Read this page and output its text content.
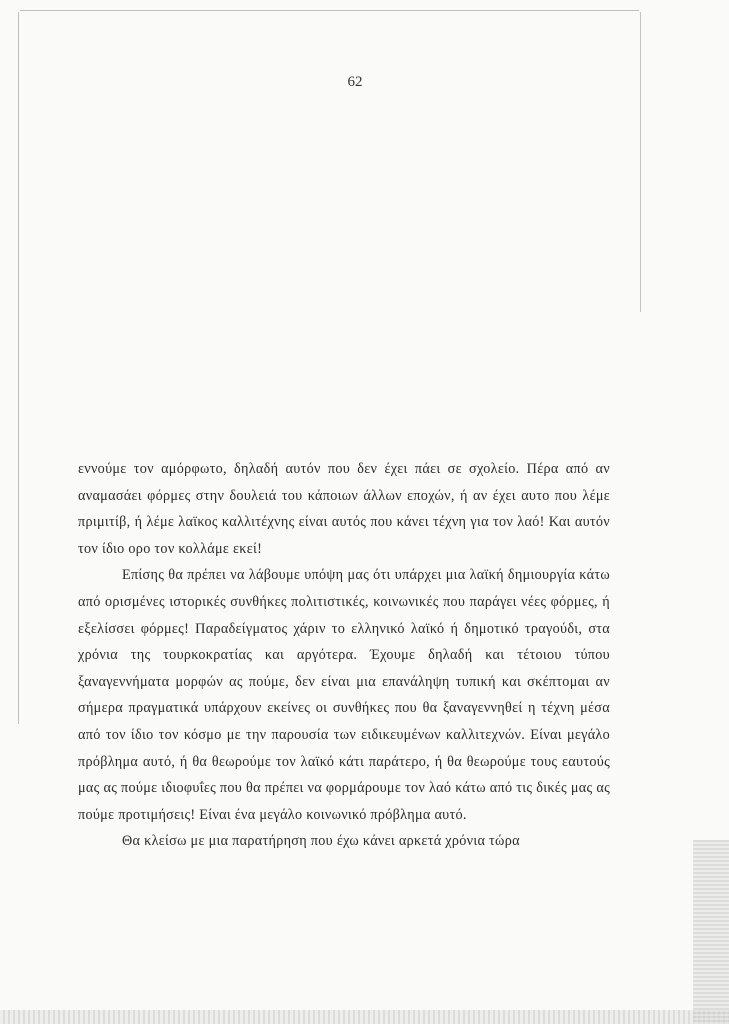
62

εννούμε τον αμόρφωτο, δηλαδή αυτόν που δεν έχει πάει σε σχολείο. Πέρα από αν αναμασάει φόρμες στην δουλειά του κάποιων άλλων εποχών, ή αν έχει αυτο που λέμε πριμιτίβ, ή λέμε λαϊκος καλλιτέχνης είναι αυτός που κάνει τέχνη για τον λαό! Και αυτόν τον ίδιο ορο τον κολλάμε εκεί!

Επίσης θα πρέπει να λάβουμε υπόψη μας ότι υπάρχει μια λαϊκή δημιουργία κάτω από ορισμένες ιστορικές συνθήκες πολιτιστικές, κοινωνικές που παράγει νέες φόρμες, ή εξελίσσει φόρμες! Παραδείγματος χάριν το ελληνικό λαϊκό ή δημοτικό τραγούδι, στα χρόνια της τουρκοκρατίας και αργότερα. Έχουμε δηλαδή και τέτοιου τύπου ξαναγεννήματα μορφών ας πούμε, δεν είναι μια επανάληψη τυπική και σκέπτομαι αν σήμερα πραγματικά υπάρχουν εκείνες οι συνθήκες που θα ξαναγεννηθεί η τέχνη μέσα από τον ίδιο τον κόσμο με την παρουσία των ειδικευμένων καλλιτεχνών. Είναι μεγάλο πρόβλημα αυτό, ή θα θεωρούμε τον λαϊκό κάτι παράτερο, ή θα θεωρούμε τους εαυτούς μας ας πούμε ιδιοφυΐες που θα πρέπει να φορμάρουμε τον λαό κάτω από τις δικές μας ας πούμε προτιμήσεις! Είναι ένα μεγάλο κοινωνικό πρόβλημα αυτό.

Θα κλείσω με μια παρατήρηση που έχω κάνει αρκετά χρόνια τώρα
